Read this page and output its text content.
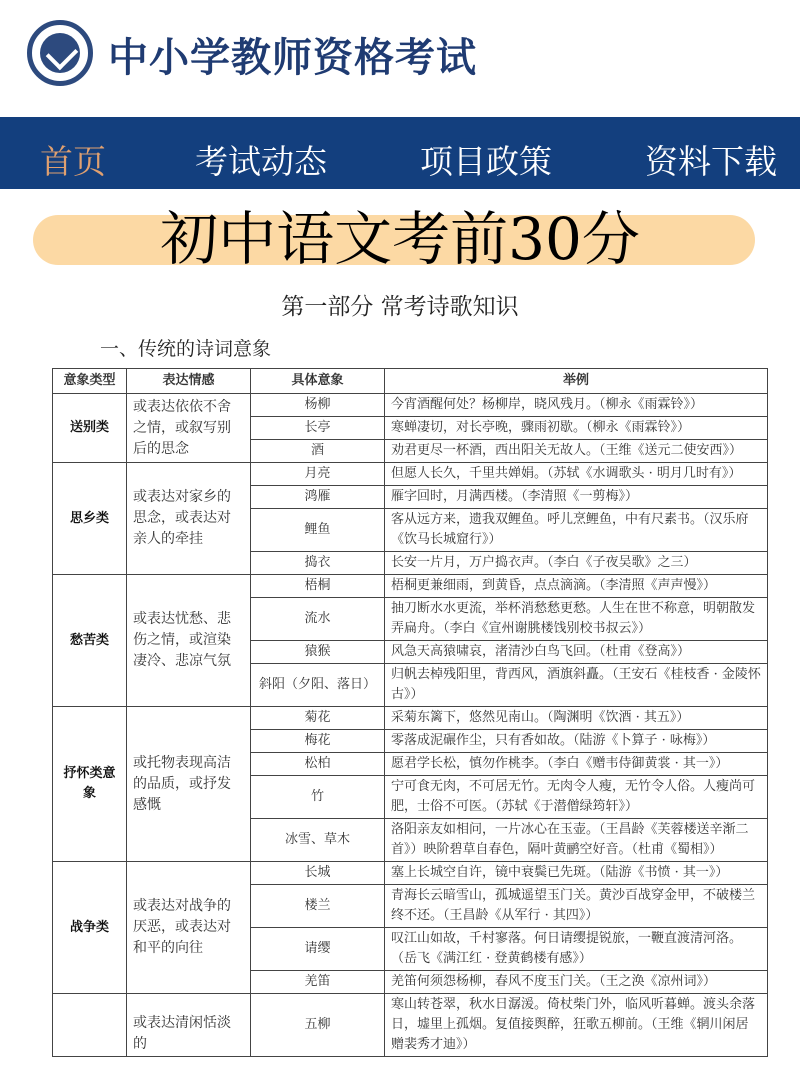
中小学教师资格考试
首页	考试动态	项目政策	资料下载
初中语文考前30分
第一部分 常考诗歌知识
一、传统的诗词意象
意象类型	表达情感	具体意象	举例
送别类	或表达依依不舍之情，或叙写别后的思念	杨柳	今宵酒醒何处？杨柳岸，晓风残月。（柳永《雨霖铃》）
		长亭	寒蝉凄切，对长亭晚，骤雨初歇。（柳永《雨霖铃》）
		酒	劝君更尽一杯酒，西出阳关无故人。（王维《送元二使安西》）
思乡类	或表达对家乡的思念，或表达对亲人的牵挂	月亮	但愿人长久，千里共婵娟。（苏轼《水调歌头 · 明月几时有》）
		鸿雁	雁字回时，月满西楼。（李清照《一剪梅》）
		鲤鱼	客从远方来，遗我双鲤鱼。呼儿烹鲤鱼，中有尺素书。（汉乐府《饮马长城窟行》）
		捣衣	长安一片月，万户捣衣声。（李白《子夜吴歌》之三）
愁苦类	或表达忧愁、悲伤之情，或渲染凄冷、悲凉气氛	梧桐	梧桐更兼细雨，到黄昏，点点滴滴。（李清照《声声慢》）
		流水	抽刀断水水更流，举杯消愁愁更愁。人生在世不称意，明朝散发弄扁舟。（李白《宣州谢朓楼饯别校书叔云》）
		猿猴	风急天高猿啸哀，渚清沙白鸟飞回。（杜甫《登高》）
		斜阳（夕阳、落日）	归帆去棹残阳里，背西风，酒旗斜矗。（王安石《桂枝香 · 金陵怀古》）
抒怀类意象	或托物表现高洁的品质，或抒发感慨	菊花	采菊东篱下，悠然见南山。（陶渊明《饮酒 · 其五》）
		梅花	零落成泥碾作尘，只有香如故。（陆游《卜算子 · 咏梅》）
		松柏	愿君学长松，慎勿作桃李。（李白《赠韦侍御黄裳 · 其一》）
		竹	宁可食无肉，不可居无竹。无肉令人瘦，无竹令人俗。人瘦尚可肥，士俗不可医。（苏轼《于潜僧绿筠轩》）
		冰雪、草木	洛阳亲友如相问，一片冰心在玉壶。（王昌龄《芙蓉楼送辛渐二首》）映阶碧草自春色，隔叶黄鹂空好音。（杜甫《蜀相》）
战争类	或表达对战争的厌恶，或表达对和平的向往	长城	塞上长城空自许，镜中衰鬓已先斑。（陆游《书愤 · 其一》）
		楼兰	青海长云暗雪山，孤城遥望玉门关。黄沙百战穿金甲，不破楼兰终不还。（王昌龄《从军行 · 其四》）
		请缨	叹江山如故，千村寥落。何日请缨提锐旅，一鞭直渡清河洛。（岳飞《满江红 · 登黄鹤楼有感》）
		羌笛	羌笛何须怨杨柳，春风不度玉门关。（王之涣《凉州词》）
	或表达清闲恬淡的	五柳	寒山转苍翠，秋水日潺湲。倚杖柴门外，临风听暮蝉。渡头余落日，墟里上孤烟。复值接舆醉，狂歌五柳前。（王维《辋川闲居赠裴秀才迪》）
